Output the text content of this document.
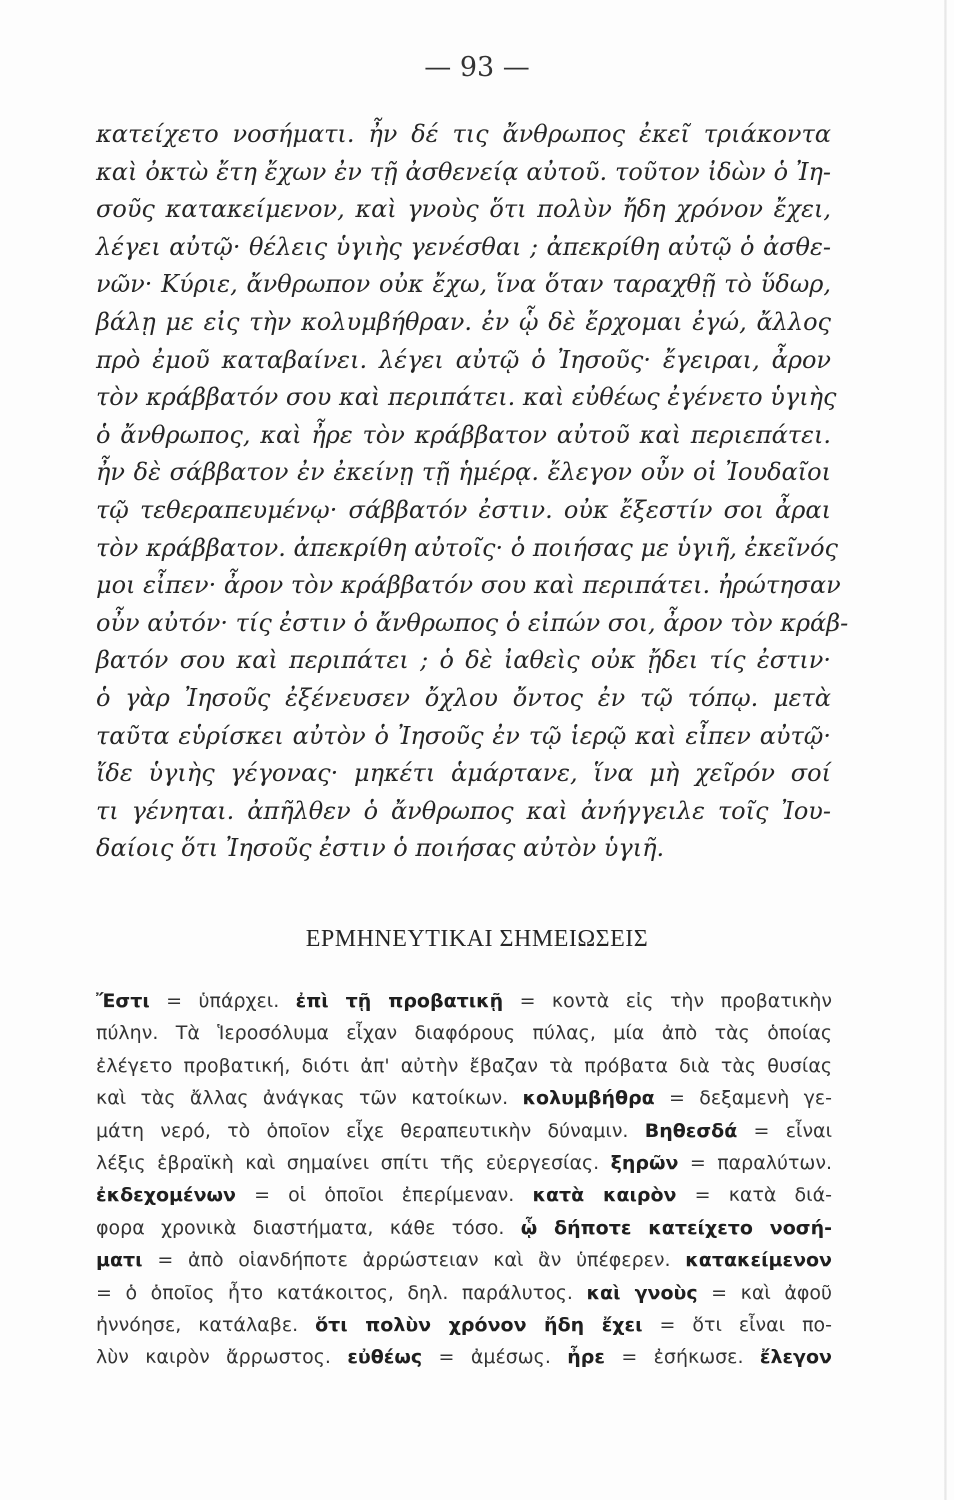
— 93 —
κατείχετο νοσήματι. ἦν δέ τις ἄνθρωπος ἐκεῖ τριάκοντα
καὶ ὀκτὼ ἔτη ἔχων ἐν τῇ ἀσθενείᾳ αὐτοῦ. τοῦτον ἰδὼν ὁ Ἰη-
σοῦς κατακείμενον, καὶ γνοὺς ὅτι πολὺν ἤδη χρόνον ἔχει,
λέγει αὐτῷ· θέλεις ὑγιὴς γενέσθαι ; ἀπεκρίθη αὐτῷ ὁ ἀσθε-
νῶν· Κύριε, ἄνθρωπον οὐκ ἔχω, ἵνα ὅταν ταραχθῇ τὸ ὕδωρ,
βάλῃ με εἰς τὴν κολυμβήθραν. ἐν ᾧ δὲ ἔρχομαι ἐγώ, ἄλλος
πρὸ ἐμοῦ καταβαίνει. λέγει αὐτῷ ὁ Ἰησοῦς· ἔγειραι, ἆρον
τὸν κράββατόν σου καὶ περιπάτει. καὶ εὐθέως ἐγένετο ὑγιὴς
ὁ ἄνθρωπος, καὶ ἦρε τὸν κράββατον αὐτοῦ καὶ περιεπάτει.
ἦν δὲ σάββατον ἐν ἐκείνῃ τῇ ἡμέρᾳ. ἔλεγον οὖν οἱ Ἰουδαῖοι
τῷ τεθεραπευμένῳ· σάββατόν ἐστιν. οὐκ ἔξεστίν σοι ἆραι
τὸν κράββατον. ἀπεκρίθη αὐτοῖς· ὁ ποιήσας με ὑγιῆ, ἐκεῖνός
μοι εἶπεν· ἆρον τὸν κράββατόν σου καὶ περιπάτει. ἠρώτησαν
οὖν αὐτόν· τίς ἐστιν ὁ ἄνθρωπος ὁ εἰπών σοι, ἆρον τὸν κράβ-
βατόν σου καὶ περιπάτει ; ὁ δὲ ἰαθεὶς οὐκ ᾔδει τίς ἐστιν·
ὁ γὰρ Ἰησοῦς ἐξένευσεν ὄχλου ὄντος ἐν τῷ τόπῳ. μετὰ
ταῦτα εὑρίσκει αὐτὸν ὁ Ἰησοῦς ἐν τῷ ἱερῷ καὶ εἶπεν αὐτῷ·
ἴδε ὑγιὴς γέγονας· μηκέτι ἁμάρτανε, ἵνα μὴ χεῖρόν σοί
τι γένηται. ἀπῆλθεν ὁ ἄνθρωπος καὶ ἀνήγγειλε τοῖς Ἰου-
δαίοις ὅτι Ἰησοῦς ἐστιν ὁ ποιήσας αὐτὸν ὑγιῆ.
ΕΡΜΗΝΕΥΤΙΚΑΙ ΣΗΜΕΙΩΣΕΙΣ
Ἔστι = ὑπάρχει. ἐπὶ τῇ προβατικῇ = κοντὰ εἰς τὴν προβατικὴν
πύλην. Τὰ Ἱεροσόλυμα εἶχαν διαφόρους πύλας, μία ἀπὸ τὰς ὁποίας
ἐλέγετο προβατική, διότι ἀπ' αὐτὴν ἔβαζαν τὰ πρόβατα διὰ τὰς θυσίας
καὶ τὰς ἄλλας ἀνάγκας τῶν κατοίκων. κολυμβήθρα = δεξαμενὴ γε-
μάτη νερό, τὸ ὁποῖον εἶχε θεραπευτικὴν δύναμιν. Βηθεσδά = εἶναι
λέξις ἑβραϊκὴ καὶ σημαίνει σπίτι τῆς εὐεργεσίας. ξηρῶν = παραλύτων.
ἐκδεχομένων = οἱ ὁποῖοι ἐπερίμεναν. κατὰ καιρὸν = κατὰ διά-
φορα χρονικὰ διαστήματα, κάθε τόσο. ᾧ δήποτε κατείχετο νοσή-
ματι = ἀπὸ οἱανδήποτε ἀρρώστειαν καὶ ἂν ὑπέφερεν. κατακείμενον
= ὁ ὁποῖος ἦτο κατάκοιτος, δηλ. παράλυτος. καὶ γνοὺς = καὶ ἀφοῦ
ἠννόησε, κατάλαβε. ὅτι πολὺν χρόνον ἤδη ἔχει = ὅτι εἶναι πο-
λὺν καιρὸν ἄρρωστος. εὐθέως = ἀμέσως. ἦρε = ἐσήκωσε. ἔλεγον
